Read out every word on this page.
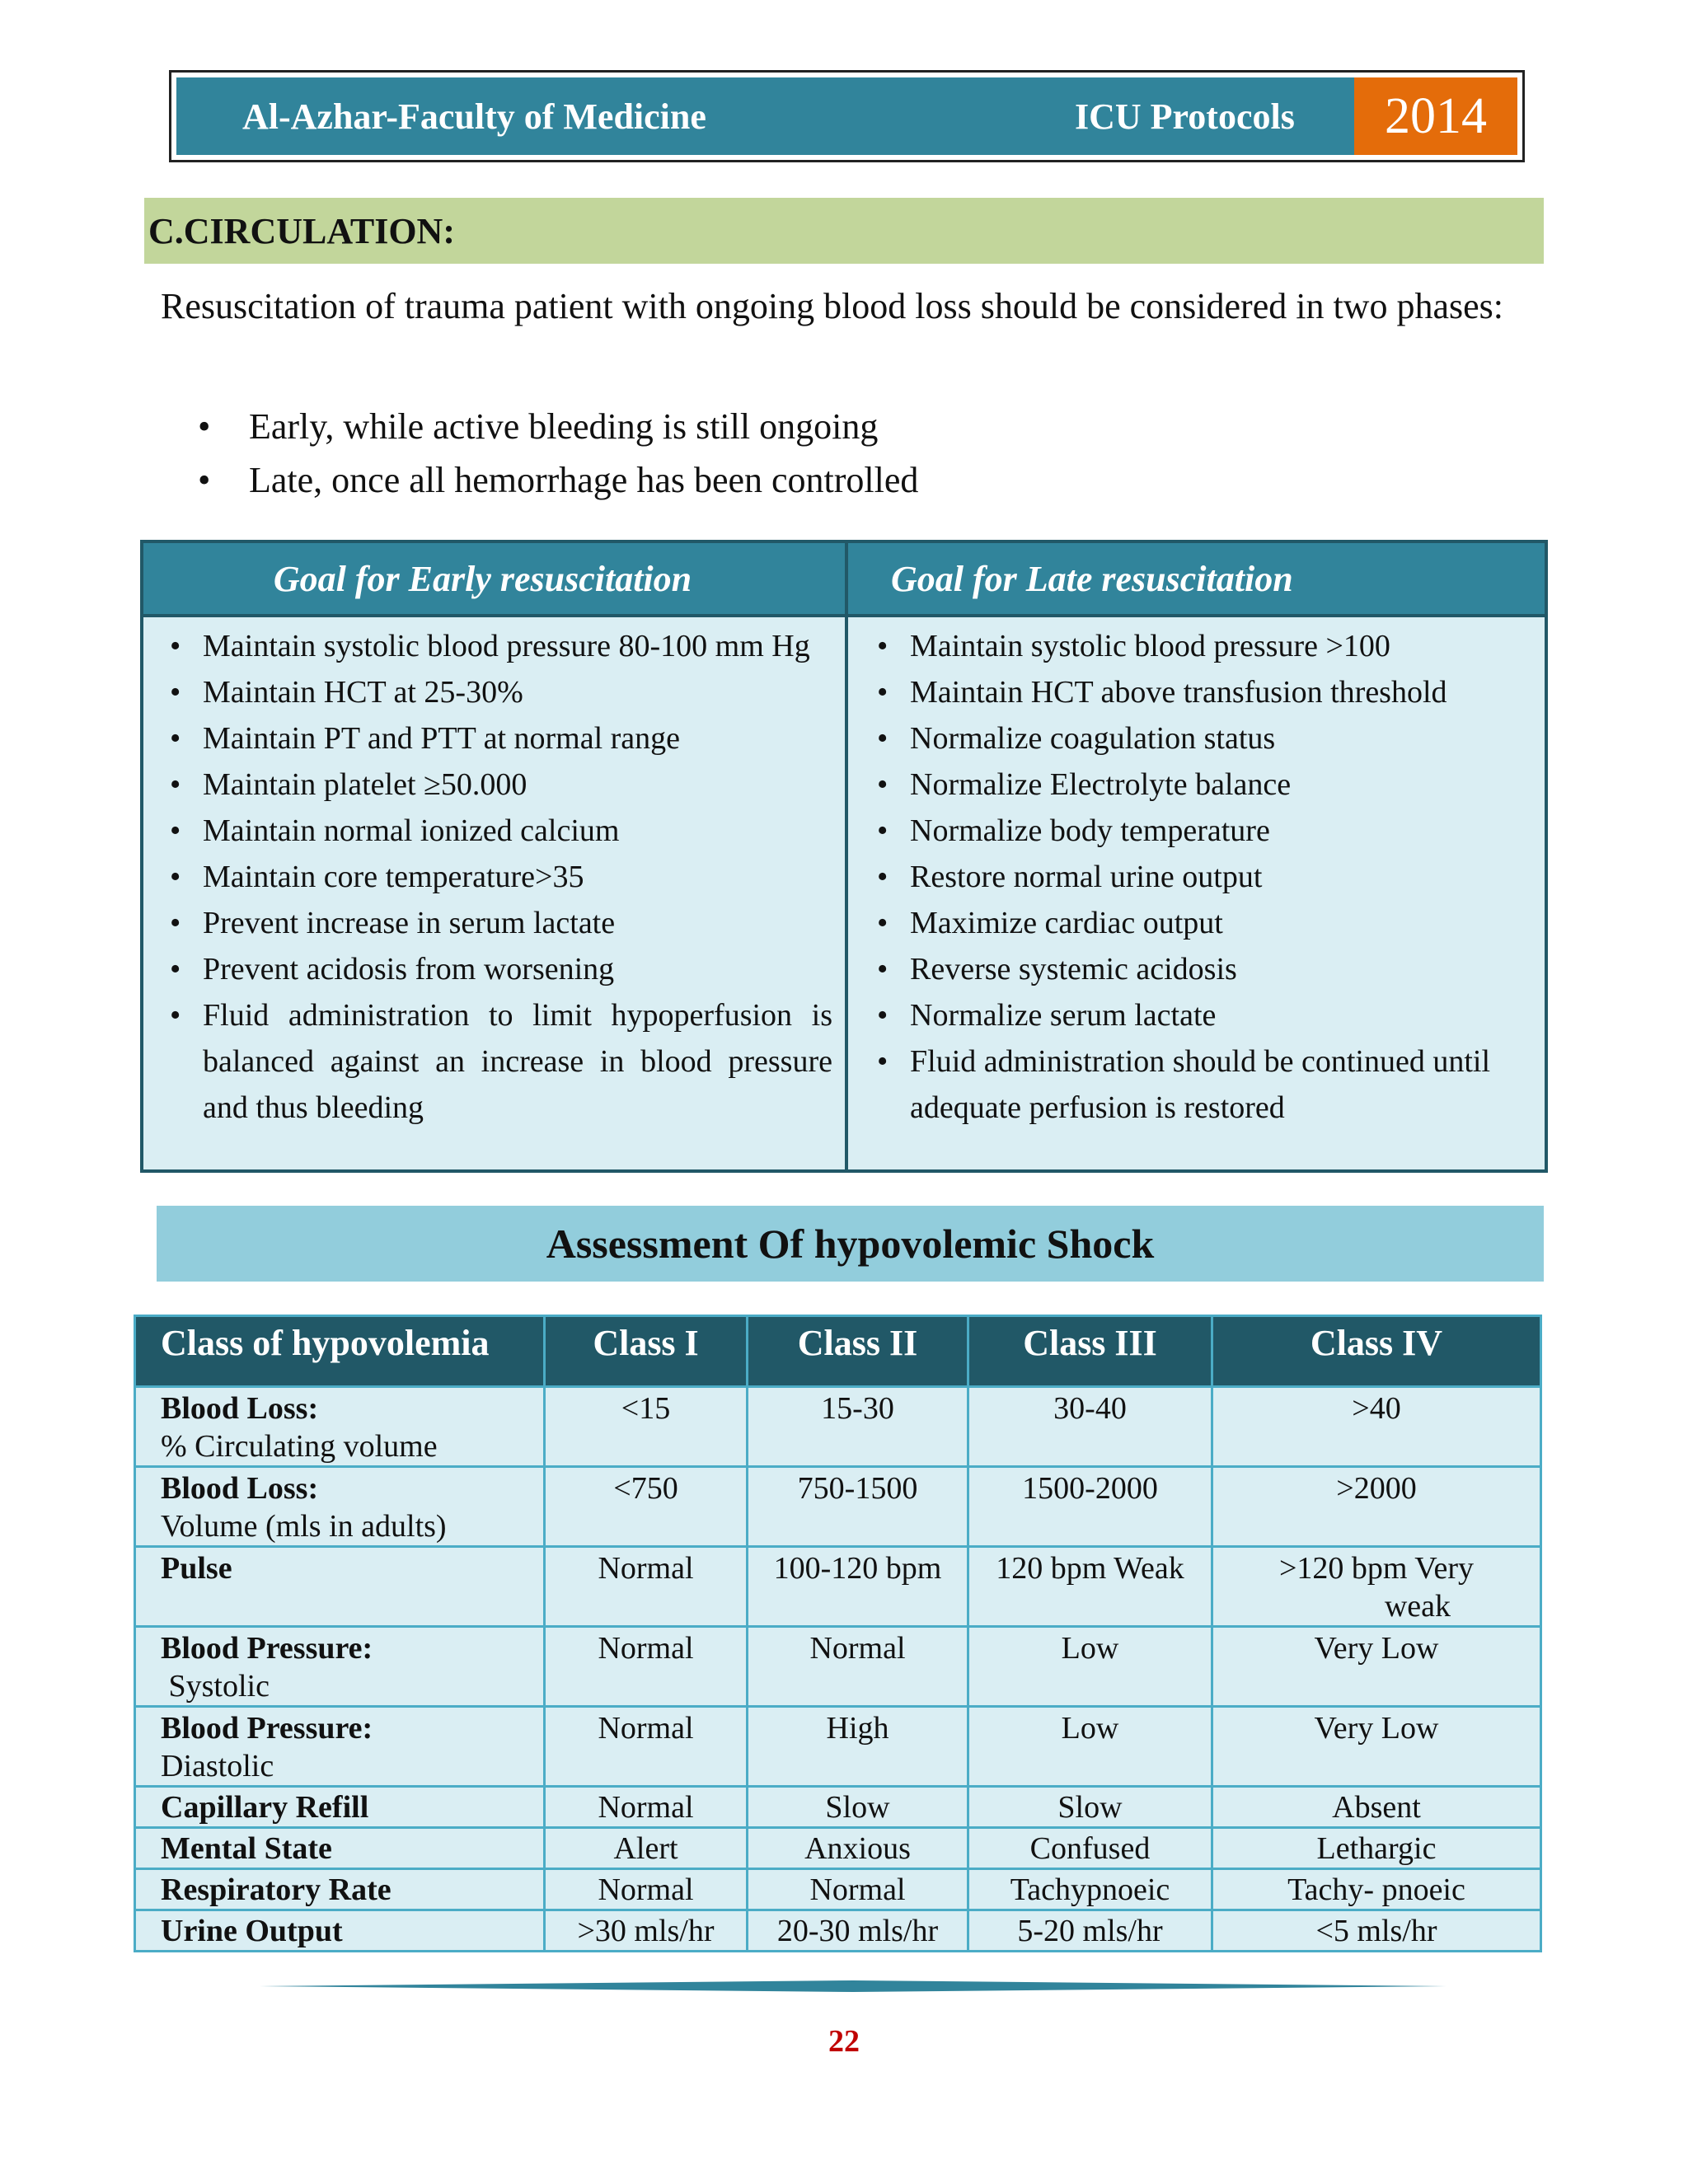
Al-Azhar-Faculty of Medicine	ICU Protocols	2014
C.CIRCULATION:

Resuscitation of trauma patient with ongoing blood loss should be considered in two phases:

• Early, while active bleeding is still ongoing
• Late, once all hemorrhage has been controlled
Goal for Early resuscitation	Goal for Late resuscitation
• Maintain systolic blood pressure 80-100 mm Hg
• Maintain HCT at 25-30%
• Maintain PT and PTT at normal range
• Maintain platelet ≥50.000
• Maintain normal ionized calcium
• Maintain core temperature>35
• Prevent increase in serum lactate
• Prevent acidosis from worsening
• Fluid administration to limit hypoperfusion is balanced against an increase in blood pressure and thus bleeding
• Maintain systolic blood pressure >100
• Maintain HCT above transfusion threshold
• Normalize coagulation status
• Normalize Electrolyte balance
• Normalize body temperature
• Restore normal urine output
• Maximize cardiac output
• Reverse systemic acidosis
• Normalize serum lactate
• Fluid administration should be continued until adequate perfusion is restored
Assessment Of hypovolemic Shock
Class of hypovolemia	Class I	Class II	Class III	Class IV
Blood Loss:
% Circulating volume	<15	15-30	30-40	>40
Blood Loss:
Volume (mls in adults)	<750	750-1500	1500-2000	>2000
Pulse	Normal	100-120 bpm	120 bpm Weak	>120 bpm Very
weak

Blood Pressure:
Systolic	Normal	Normal	Low	Very Low
Blood Pressure:
Diastolic	Normal	High	Low	Very Low
Capillary Refill	Normal	Slow	Slow	Absent
Mental State	Alert	Anxious	Confused	Lethargic
Respiratory Rate	Normal	Normal	Tachypnoeic	Tachy- pnoeic
Urine Output	>30 mls/hr	20-30 mls/hr	5-20 mls/hr	<5 mls/hr
22
